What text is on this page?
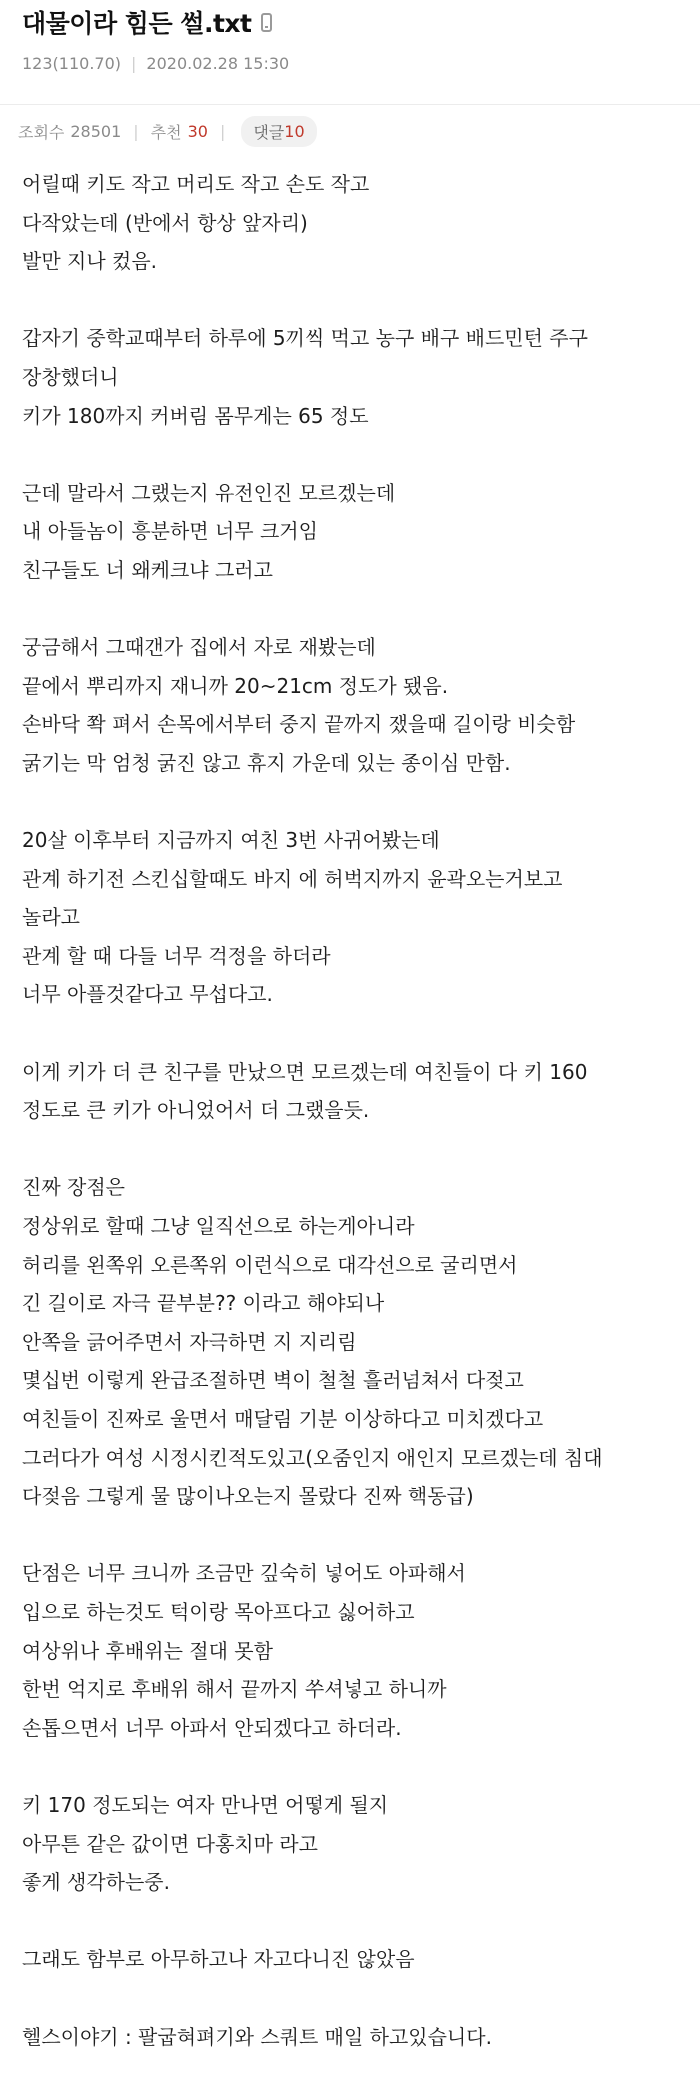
대물이라 힘든 썰.txt
123(110.70) | 2020.02.28 15:30
조회수 28501 | 추천 30 | 댓글 10
어릴때 키도 작고 머리도 작고 손도 작고
다작았는데 (반에서 항상 앞자리)
발만 지나 컸음.

갑자기 중학교때부터 하루에 5끼씩 먹고 농구 배구 배드민턴 주구
장창했더니
키가 180까지 커버림 몸무게는 65 정도

근데 말라서 그랬는지 유전인진 모르겠는데
내 아들놈이 흥분하면 너무 크거임
친구들도 너 왜케크냐 그러고

궁금해서 그때갠가 집에서 자로 재봤는데
끝에서 뿌리까지 재니까 20~21cm 정도가 됐음.
손바닥 쫙 펴서 손목에서부터 중지 끝까지 쟀을때 길이랑 비슷함
굵기는 막 엄청 굵진 않고 휴지 가운데 있는 종이심 만함.

20살 이후부터 지금까지 여친 3번 사귀어봤는데
관계 하기전 스킨십할때도 바지 에 허벅지까지 윤곽오는거보고
놀라고
관계 할 때 다들 너무 걱정을 하더라
너무 아플것같다고 무섭다고.

이게 키가 더 큰 친구를 만났으면 모르겠는데 여친들이 다 키 160
정도로 큰 키가 아니었어서 더 그랬을듯.

진짜 장점은
정상위로 할때 그냥 일직선으로 하는게아니라
허리를 왼쪽위 오른쪽위 이런식으로 대각선으로 굴리면서
긴 길이로 자극 끝부분?? 이라고 해야되나
안쪽을 긁어주면서 자극하면 지 지리림
몇십번 이렇게 완급조절하면 벽이 철철 흘러넘쳐서 다젖고
여친들이 진짜로 울면서 매달림 기분 이상하다고 미치겠다고
그러다가 여성 시정시킨적도있고(오줌인지 애인지 모르겠는데 침대
다젖음 그렇게 물 많이나오는지 몰랐다 진짜 핵동급)

단점은 너무 크니까 조금만 깊숙히 넣어도 아파해서
입으로 하는것도 턱이랑 목아프다고 싫어하고
여상위나 후배위는 절대 못함
한번 억지로 후배위 해서 끝까지 쑤셔넣고 하니까
손톱으면서 너무 아파서 안되겠다고 하더라.

키 170 정도되는 여자 만나면 어떻게 될지
아무튼 같은 값이면 다홍치마 라고
좋게 생각하는중.

그래도 함부로 아무하고나 자고다니진 않았음

헬스이야기 : 팔굽혀펴기와 스쿼트 매일 하고있습니다.
